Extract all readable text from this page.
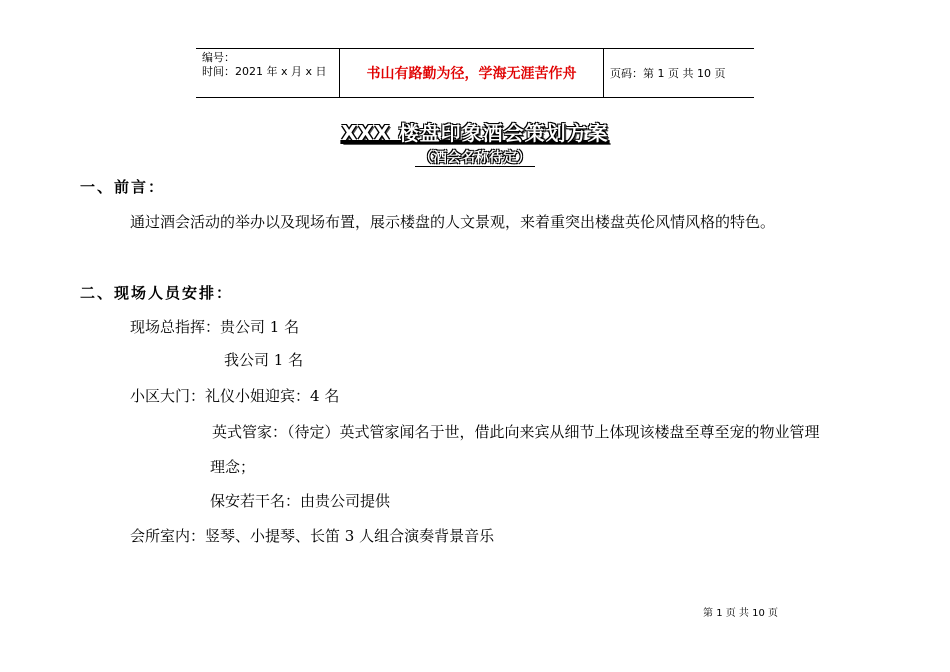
编号：
时间：2021 年 x 月 x 日	书山有路勤为径，学海无涯苦作舟	页码：第 1 页 共 10 页
XXX 楼盘印象酒会策划方案
（酒会名称待定）
一、前言：
通过酒会活动的举办以及现场布置，展示楼盘的人文景观，来着重突出楼盘英伦风情风格的特色。
二、现场人员安排：
现场总指挥：贵公司 1 名
我公司 1 名
小区大门：礼仪小姐迎宾：4 名
英式管家：（待定）英式管家闻名于世，借此向来宾从细节上体现该楼盘至尊至宠的物业管理
理念；
保安若干名：由贵公司提供
会所室内：竖琴、小提琴、长笛 3 人组合演奏背景音乐
第 1 页 共 10 页
